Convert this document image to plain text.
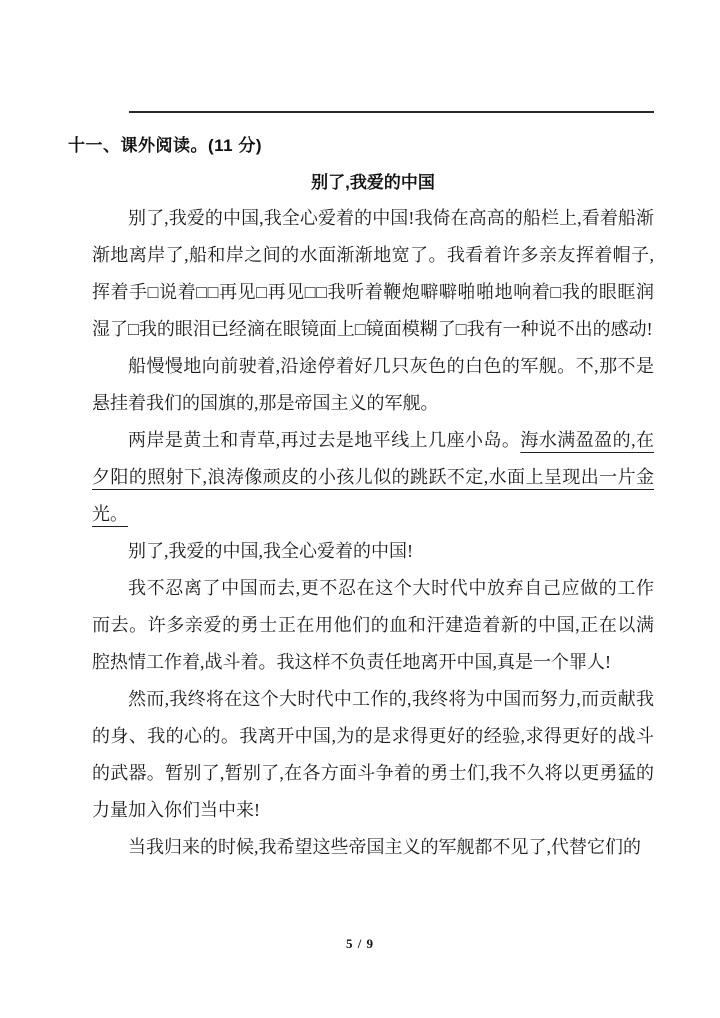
十一、课外阅读。(11 分)
别了,我爱的中国

别了,我爱的中国,我全心爱着的中国!我倚在高高的船栏上,看着船渐渐地离岸了,船和岸之间的水面渐渐地宽了。我看着许多亲友挥着帽子,挥着手□说着□□再见□再见□□我听着鞭炮噼噼啪啪地响着□我的眼眶润湿了□我的眼泪已经滴在眼镜面上□镜面模糊了□我有一种说不出的感动!

船慢慢地向前驶着,沿途停着好几只灰色的白色的军舰。不,那不是悬挂着我们的国旗的,那是帝国主义的军舰。

两岸是黄土和青草,再过去是地平线上几座小岛。海水满盈盈的,在夕阳的照射下,浪涛像顽皮的小孩儿似的跳跃不定,水面上呈现出一片金光。

别了,我爱的中国,我全心爱着的中国!

我不忍离了中国而去,更不忍在这个大时代中放弃自己应做的工作而去。许多亲爱的勇士正在用他们的血和汗建造着新的中国,正在以满腔热情工作着,战斗着。我这样不负责任地离开中国,真是一个罪人!

然而,我终将在这个大时代中工作的,我终将为中国而努力,而贡献我的身、我的心的。我离开中国,为的是求得更好的经验,求得更好的战斗的武器。暂别了,暂别了,在各方面斗争着的勇士们,我不久将以更勇猛的力量加入你们当中来!

当我归来的时候,我希望这些帝国主义的军舰都不见了,代替它们的

5 / 9
